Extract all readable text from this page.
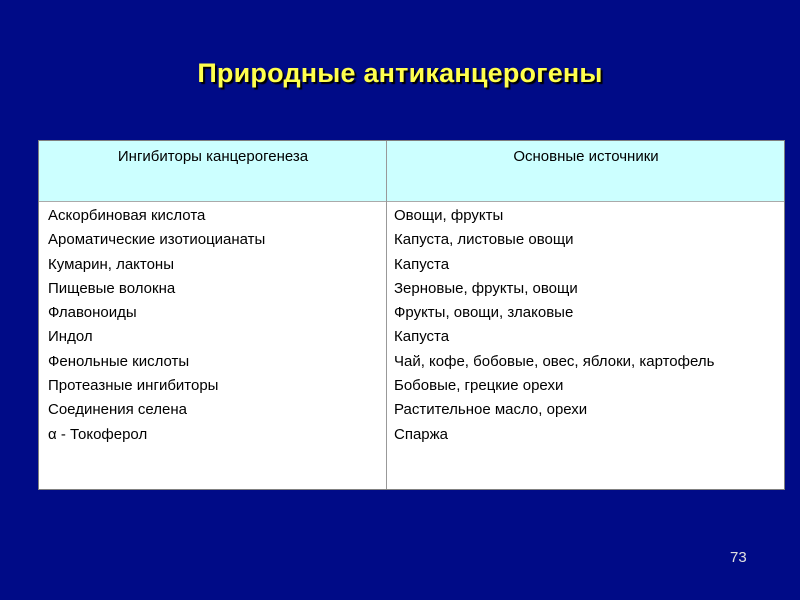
Природные антиканцерогены
Ингибиторы канцерогенеза	Основные источники
Аскорбиновая кислота
Ароматические изотиоцианаты
Кумарин, лактоны
Пищевые волокна
Флавоноиды
Индол
Фенольные кислоты
Протеазные ингибиторы
Соединения селена
α - Токоферол
Овощи, фрукты
Капуста, листовые овощи
Капуста
Зерновые, фрукты, овощи
Фрукты, овощи, злаковые
Капуста
Чай, кофе, бобовые, овес, яблоки, картофель
Бобовые, грецкие орехи
Растительное масло, орехи
Спаржа
73
